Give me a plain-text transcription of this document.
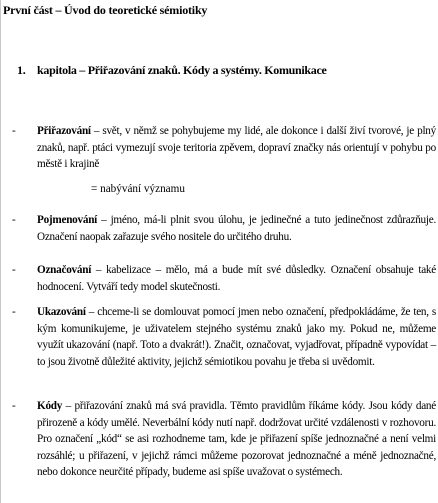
První část – Úvod do teoretické sémiotiky
1. kapitola – Přiřazování znaků. Kódy a systémy. Komunikace
- Přiřazování – svět, v němž se pohybujeme my lidé, ale dokonce i další živí tvorové, je plný znaků, např. ptáci vymezují svoje teritoria zpěvem, dopraví značky nás orientují v pohybu po městě i krajině
= nabývání významu
- Pojmenování – jméno, má-li plnit svou úlohu, je jedinečné a tuto jedinečnost zdůrazňuje. Označení naopak zařazuje svého nositele do určitého druhu.
- Označování – kabelizace – mělo, má a bude mít své důsledky. Označení obsahuje také hodnocení. Vytváří tedy model skutečnosti.
- Ukazování – chceme-li se domlouvat pomocí jmen nebo označení, předpokládáme, že ten, s kým komunikujeme, je uživatelem stejného systému znaků jako my. Pokud ne, můžeme využít ukazování (např. Toto a dvakrát!). Značit, označovat, vyjadřovat, případně vypovídat – to jsou životně důležité aktivity, jejichž sémiotikou povahu je třeba si uvědomit.
- Kódy – přiřazování znaků má svá pravidla. Těmto pravidlům říkáme kódy. Jsou kódy dané přirozeně a kódy umělé. Neverbální kódy nutí např. dodržovat určité vzdálenosti v rozhovoru. Pro označení „kód“ se asi rozhodneme tam, kde je přiřazení spíše jednoznačné a není velmi rozsáhlé; u přiřazení, v jejichž rámci můžeme pozorovat jednoznačné a méně jednoznačné, nebo dokonce neurčité případy, budeme asi spíše uvažovat o systémech.
